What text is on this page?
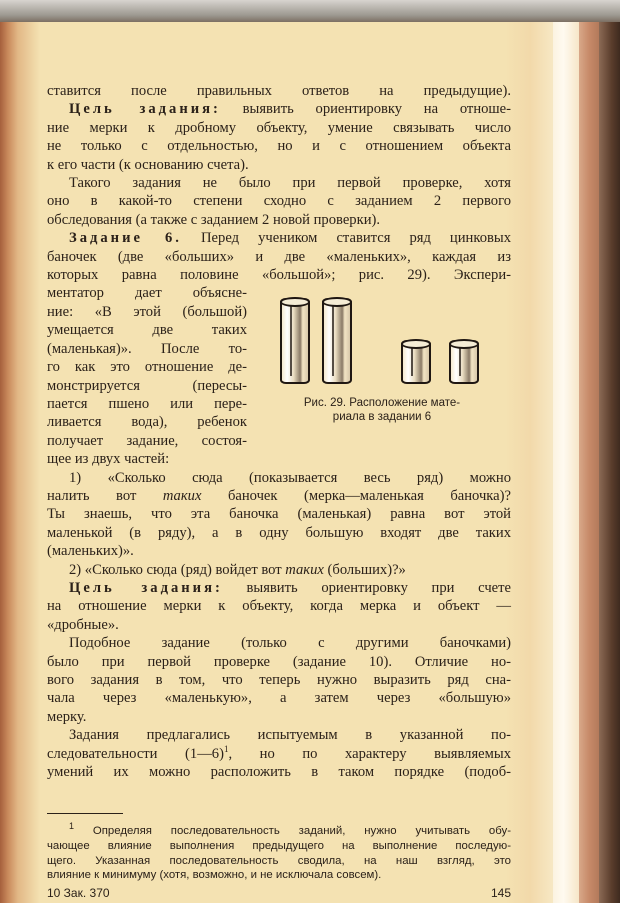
ставится после правильных ответов на предыдущие).

Цель задания: выявить ориентировку на отноше-

ние мерки к дробному объекту, умение связывать число

не только с отдельностью, но и с отношением объекта

к его части (к основанию счета).

Такого задания не было при первой проверке, хотя

оно в какой-то степени сходно с заданием 2 первого

обследования (а также с заданием 2 новой проверки).

Задание 6. Перед учеником ставится ряд цинковых

баночек (две «больших» и две «маленьких», каждая из

которых равна половине «большой»; рис. 29). Экспери-

ментатор дает объясне-

ние: «В этой (большой)

умещается две таких

(маленькая)». После то-

го как это отношение де-

монстрируется (пересы-

пается пшено или пере-

ливается вода), ребенок

получает задание, состоя-

щее из двух частей:

Рис. 29. Расположение мате-
риала в задании 6

1) «Сколько сюда (показывается весь ряд) можно

налить вот таких баночек (мерка—маленькая баночка)?

Ты знаешь, что эта баночка (маленькая) равна вот этой

маленькой (в ряду), а в одну большую входят две таких

(маленьких)».

2) «Сколько сюда (ряд) войдет вот таких (больших)?»

Цель задания: выявить ориентировку при счете

на отношение мерки к объекту, когда мерка и объект —

«дробные».

Подобное задание (только с другими баночками)

было при первой проверке (задание 10). Отличие но-

вого задания в том, что теперь нужно выразить ряд сна-

чала через «маленькую», а затем через «большую»

мерку.

Задания предлагались испытуемым в указанной по-

следовательности (1—6)$^1$, но по характеру выявляемых

умений их можно расположить в таком порядке (подоб-

$^1$ Определяя последовательность заданий, нужно учитывать обу-

чающее влияние выполнения предыдущего на выполнение последую-

щего. Указанная последовательность сводила, на наш взгляд, это

влияние к минимуму (хотя, возможно, и не исключала совсем).

10 Зак. 370	145
